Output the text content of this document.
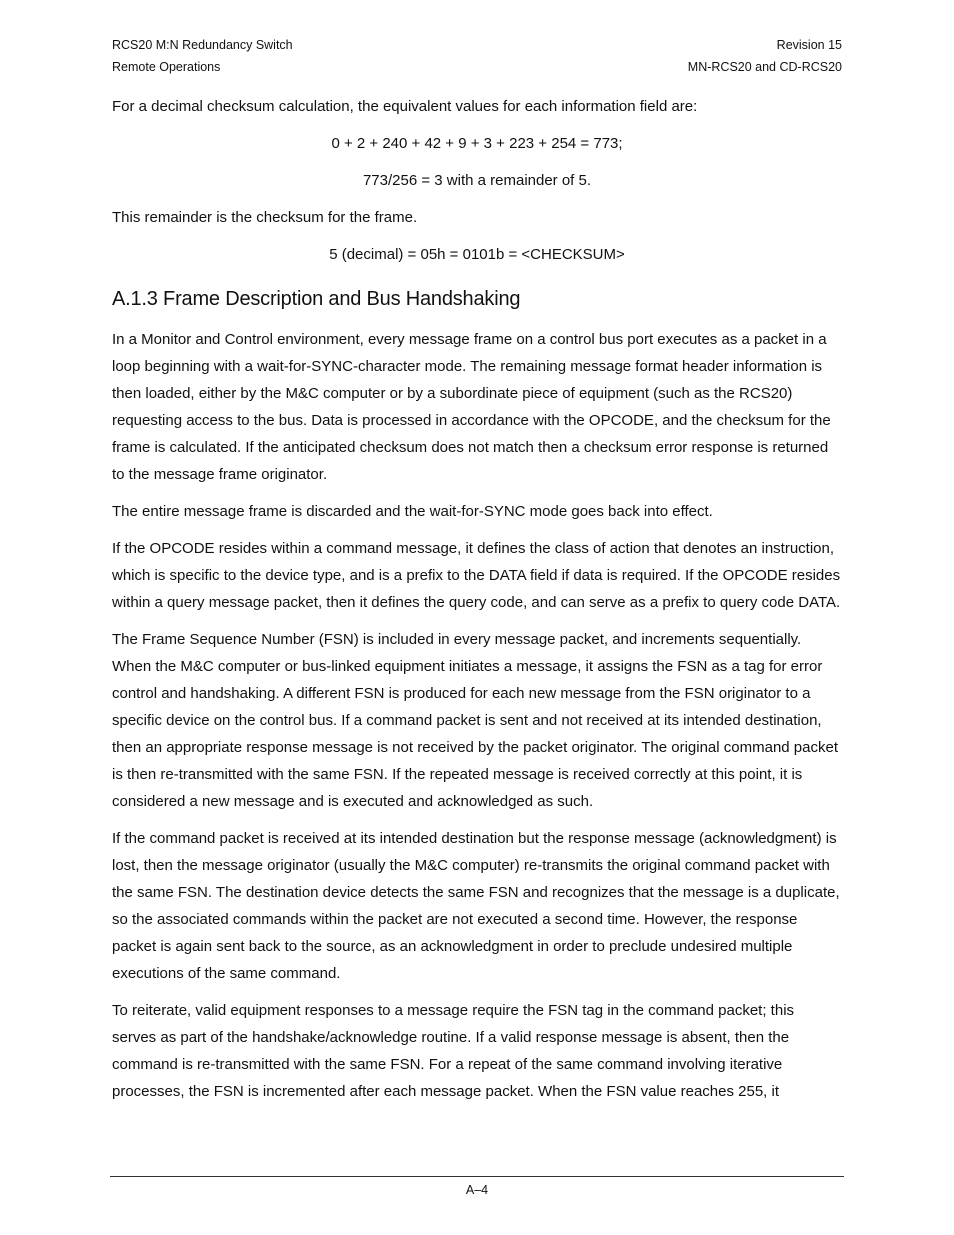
RCS20 M:N Redundancy Switch	Revision 15
Remote Operations	MN-RCS20 and CD-RCS20

For a decimal checksum calculation, the equivalent values for each information field are:

0 + 2 + 240 + 42 + 9 + 3 + 223 + 254 = 773;

773/256 = 3 with a remainder of 5.

This remainder is the checksum for the frame.

5 (decimal) = 05h = 0101b = <CHECKSUM>

A.1.3 Frame Description and Bus Handshaking

In a Monitor and Control environment, every message frame on a control bus port executes as a packet in a loop beginning with a wait-for-SYNC-character mode. The remaining message format header information is then loaded, either by the M&C computer or by a subordinate piece of equipment (such as the RCS20) requesting access to the bus. Data is processed in accordance with the OPCODE, and the checksum for the frame is calculated. If the anticipated checksum does not match then a checksum error response is returned to the message frame originator.

The entire message frame is discarded and the wait-for-SYNC mode goes back into effect.

If the OPCODE resides within a command message, it defines the class of action that denotes an instruction, which is specific to the device type, and is a prefix to the DATA field if data is required. If the OPCODE resides within a query message packet, then it defines the query code, and can serve as a prefix to query code DATA.

The Frame Sequence Number (FSN) is included in every message packet, and increments sequentially. When the M&C computer or bus-linked equipment initiates a message, it assigns the FSN as a tag for error control and handshaking. A different FSN is produced for each new message from the FSN originator to a specific device on the control bus. If a command packet is sent and not received at its intended destination, then an appropriate response message is not received by the packet originator. The original command packet is then re-transmitted with the same FSN. If the repeated message is received correctly at this point, it is considered a new message and is executed and acknowledged as such.

If the command packet is received at its intended destination but the response message (acknowledgment) is lost, then the message originator (usually the M&C computer) re-transmits the original command packet with the same FSN. The destination device detects the same FSN and recognizes that the message is a duplicate, so the associated commands within the packet are not executed a second time. However, the response packet is again sent back to the source, as an acknowledgment in order to preclude undesired multiple executions of the same command.

To reiterate, valid equipment responses to a message require the FSN tag in the command packet; this serves as part of the handshake/acknowledge routine. If a valid response message is absent, then the command is re-transmitted with the same FSN. For a repeat of the same command involving iterative processes, the FSN is incremented after each message packet. When the FSN value reaches 255, it

A–4
